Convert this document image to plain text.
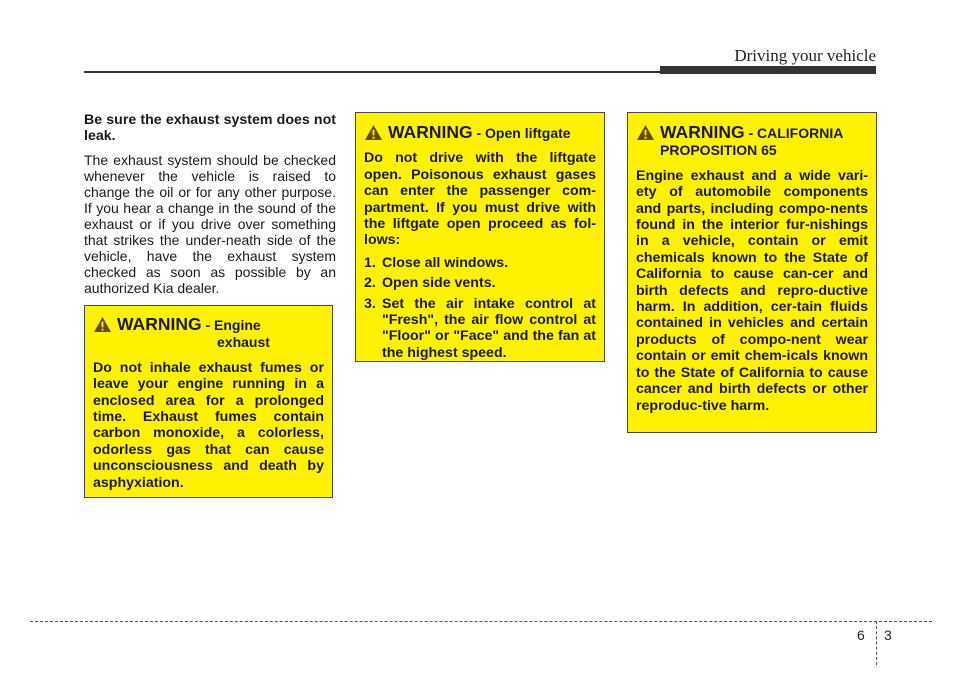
Driving your vehicle

Be sure the exhaust system does not leak.

The exhaust system should be checked whenever the vehicle is raised to change the oil or for any other purpose. If you hear a change in the sound of the exhaust or if you drive over something that strikes the under-neath side of the vehicle, have the exhaust system checked as soon as possible by an authorized Kia dealer.

WARNING - Engine
exhaust

Do not inhale exhaust fumes or leave your engine running in a enclosed area for a prolonged time. Exhaust fumes contain carbon monoxide, a colorless, odorless gas that can cause unconsciousness and death by asphyxiation.

WARNING - Open liftgate

Do not drive with the liftgate open. Poisonous exhaust gases can enter the passenger com-partment. If you must drive with the liftgate open proceed as fol-lows:

1. Close all windows.
2. Open side vents.
3. Set the air intake control at "Fresh", the air flow control at "Floor" or "Face" and the fan at the highest speed.
WARNING - CALIFORNIA
PROPOSITION 65

Engine exhaust and a wide vari-ety of automobile components and parts, including compo-nents found in the interior fur-nishings in a vehicle, contain or emit chemicals known to the State of California to cause can-cer and birth defects and repro-ductive harm. In addition, cer-tain fluids contained in vehicles and certain products of compo-nent wear contain or emit chem-icals known to the State of California to cause cancer and birth defects or other reproduc-tive harm.

6 3
